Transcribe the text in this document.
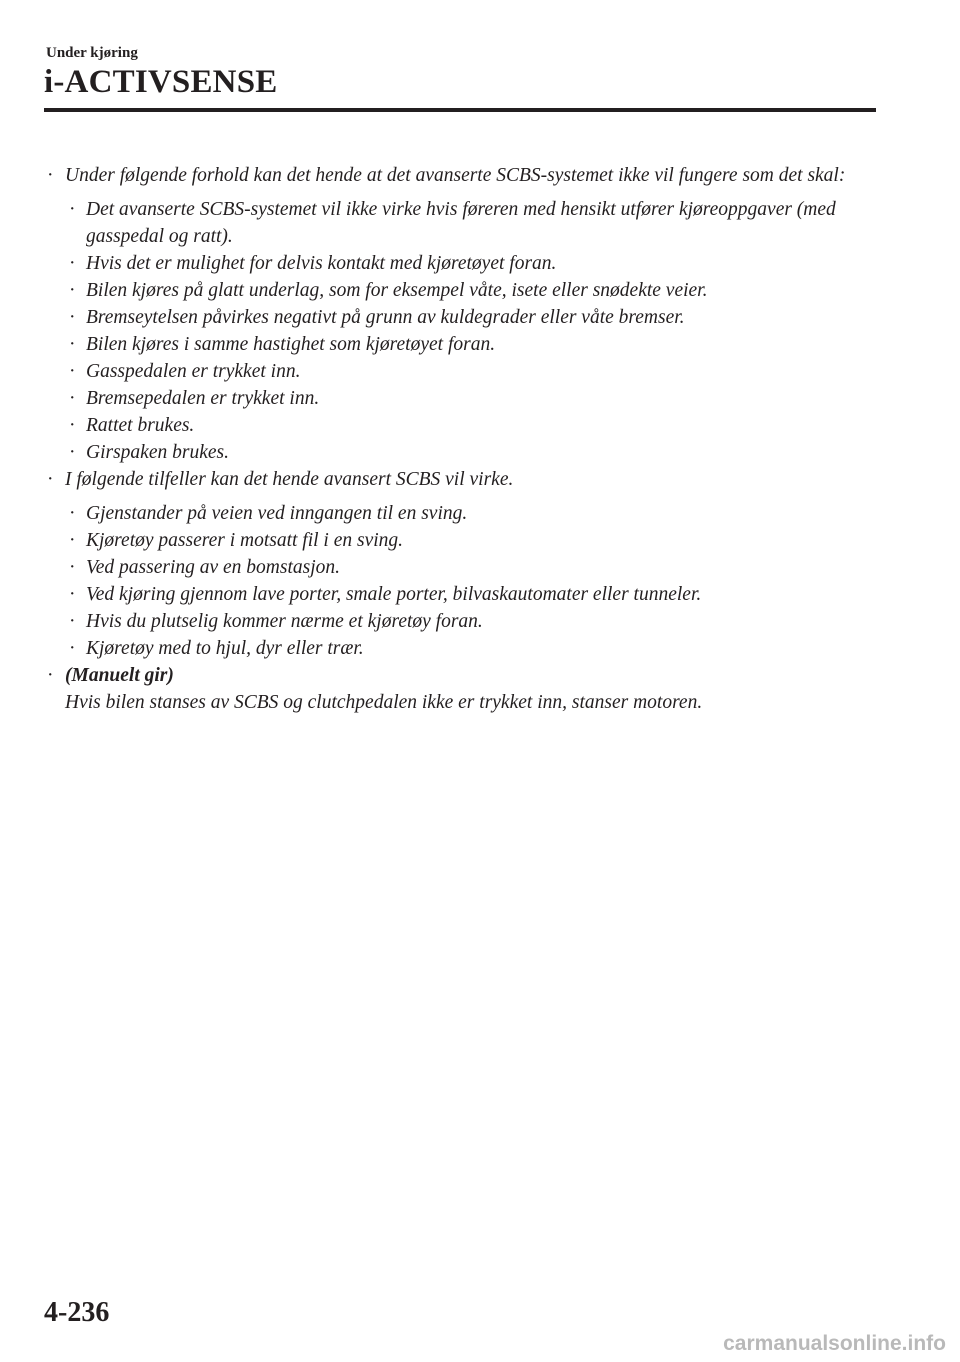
Under kjøring
i-ACTIVSENSE
· Under følgende forhold kan det hende at det avanserte SCBS-systemet ikke vil fungere som det skal:
· Det avanserte SCBS-systemet vil ikke virke hvis føreren med hensikt utfører kjøreoppgaver (med gasspedal og ratt).
· Hvis det er mulighet for delvis kontakt med kjøretøyet foran.
· Bilen kjøres på glatt underlag, som for eksempel våte, isete eller snødekte veier.
· Bremseytelsen påvirkes negativt på grunn av kuldegrader eller våte bremser.
· Bilen kjøres i samme hastighet som kjøretøyet foran.
· Gasspedalen er trykket inn.
· Bremsepedalen er trykket inn.
· Rattet brukes.
· Girspaken brukes.
· I følgende tilfeller kan det hende avansert SCBS vil virke.
· Gjenstander på veien ved inngangen til en sving.
· Kjøretøy passerer i motsatt fil i en sving.
· Ved passering av en bomstasjon.
· Ved kjøring gjennom lave porter, smale porter, bilvaskautomater eller tunneler.
· Hvis du plutselig kommer nærme et kjøretøy foran.
· Kjøretøy med to hjul, dyr eller trær.
· (Manuelt gir)
Hvis bilen stanses av SCBS og clutchpedalen ikke er trykket inn, stanser motoren.
4-236
carmanualsonline.info
